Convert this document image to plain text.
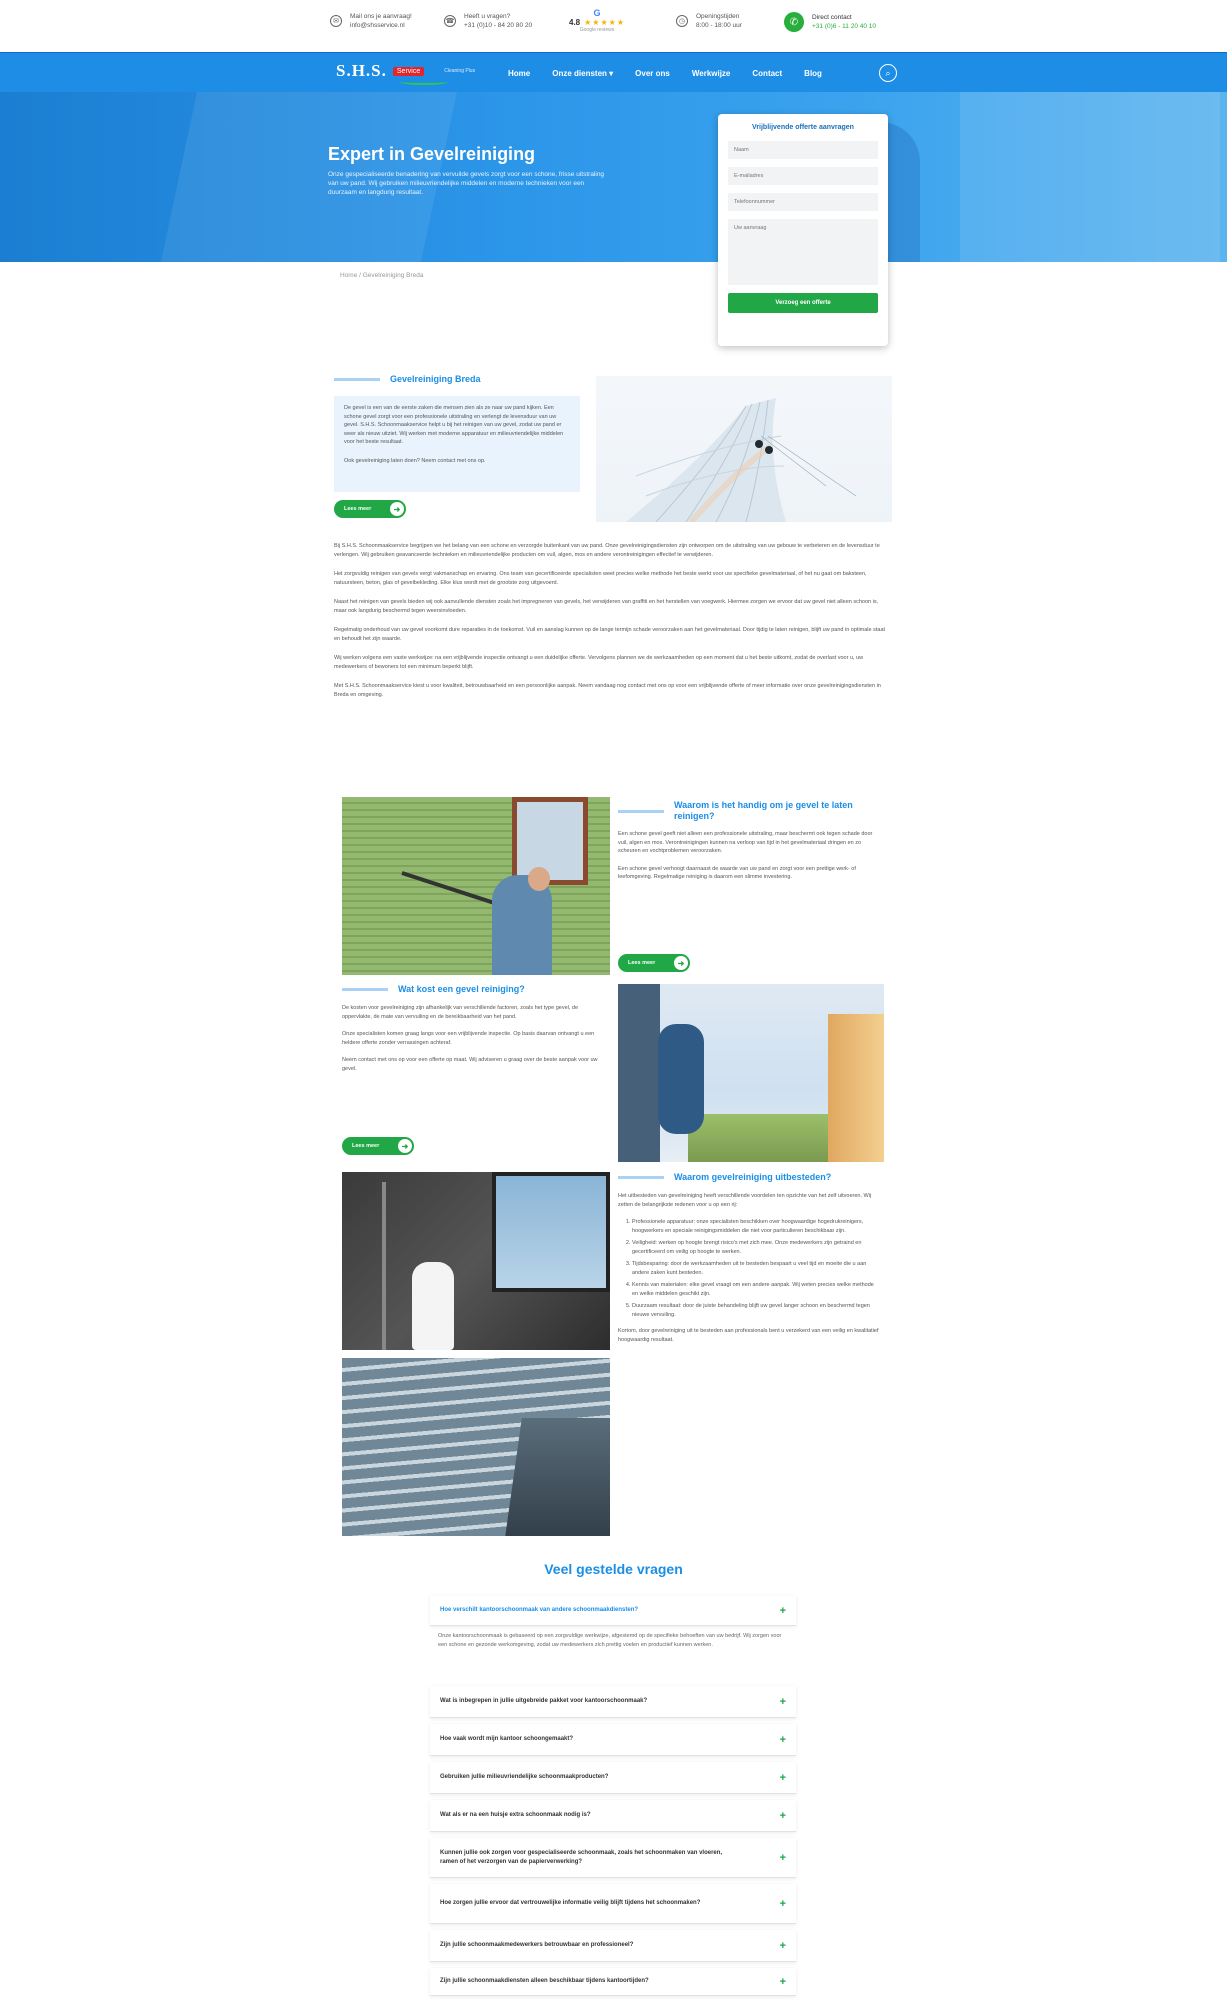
✉
Mail ons je aanvraag!
info@shsservice.nl
☎
Heeft u vragen?
+31 (0)10 - 84 20 80 20
G
4.8 ★★★★★
Google reviews
◷
Openingstijden
8:00 - 18:00 uur	✆	Direct contact
+31 (0)6 - 11 20 40 10
S.H.S.	Service	Cleaning Plus	Home	Onze diensten ▾	Over ons	Werkwijze	Contact	Blog	⌕
Expert in Gevelreiniging

Onze gespecialiseerde benadering van vervuilde gevels zorgt voor een schone, frisse uitstraling van uw pand. Wij gebruiken milieuvriendelijke middelen en moderne technieken voor een duurzaam en langdurig resultaat.

Vrijblijvende offerte aanvragen
Naam
E-mailadres
Telefoonnummer
Uw aanvraag Verzoeg een offerte
Home / Gevelreiniging Breda
Gevelreiniging Breda
De gevel is een van de eerste zaken die mensen zien als ze naar uw pand kijken. Een schone gevel zorgt voor een professionele uitstraling en verlengt de levensduur van uw gevel. S.H.S. Schoonmaakservice helpt u bij het reinigen van uw gevel, zodat uw pand er weer als nieuw uitziet. Wij werken met moderne apparatuur en milieuvriendelijke middelen voor het beste resultaat.
Ook gevelreiniging laten doen? Neem contact met ons op.
Lees meer	➜

Bij S.H.S. Schoonmaakservice begrijpen we het belang van een schone en verzorgde buitenkant van uw pand. Onze gevelreinigingsdiensten zijn ontworpen om de uitstraling van uw gebouw te verbeteren en de levensduur te verlengen. Wij gebruiken geavanceerde technieken en milieuvriendelijke producten om vuil, algen, mos en andere verontreinigingen effectief te verwijderen.

Het zorgvuldig reinigen van gevels vergt vakmanschap en ervaring. Ons team van gecertificeerde specialisten weet precies welke methode het beste werkt voor uw specifieke gevelmateriaal, of het nu gaat om baksteen, natuursteen, beton, glas of gevelbekleding. Elke klus wordt met de grootste zorg uitgevoerd.

Naast het reinigen van gevels bieden wij ook aanvullende diensten zoals het impregneren van gevels, het verwijderen van graffiti en het herstellen van voegwerk. Hiermee zorgen we ervoor dat uw gevel niet alleen schoon is, maar ook langdurig beschermd tegen weersinvloeden.

Regelmatig onderhoud van uw gevel voorkomt dure reparaties in de toekomst. Vuil en aanslag kunnen op de lange termijn schade veroorzaken aan het gevelmateriaal. Door tijdig te laten reinigen, blijft uw pand in optimale staat en behoudt het zijn waarde.

Wij werken volgens een vaste werkwijze: na een vrijblijvende inspectie ontvangt u een duidelijke offerte. Vervolgens plannen we de werkzaamheden op een moment dat u het beste uitkomt, zodat de overlast voor u, uw medewerkers of bewoners tot een minimum beperkt blijft.

Met S.H.S. Schoonmaakservice kiest u voor kwaliteit, betrouwbaarheid en een persoonlijke aanpak. Neem vandaag nog contact met ons op voor een vrijblijvende offerte of meer informatie over onze gevelreinigingsdiensten in Breda en omgeving.

Waarom is het handig om je gevel te laten reinigen?

Een schone gevel geeft niet alleen een professionele uitstraling, maar beschermt ook tegen schade door vuil, algen en mos. Verontreinigingen kunnen na verloop van tijd in het gevelmateriaal dringen en zo scheuren en vochtproblemen veroorzaken.

Een schone gevel verhoogt daarnaast de waarde van uw pand en zorgt voor een prettige werk- of leefomgeving. Regelmatige reiniging is daarom een slimme investering.

Lees meer	➜
Wat kost een gevel reiniging?

De kosten voor gevelreiniging zijn afhankelijk van verschillende factoren, zoals het type gevel, de oppervlakte, de mate van vervuiling en de bereikbaarheid van het pand.

Onze specialisten komen graag langs voor een vrijblijvende inspectie. Op basis daarvan ontvangt u een heldere offerte zonder verrassingen achteraf.

Neem contact met ons op voor een offerte op maat. Wij adviseren u graag over de beste aanpak voor uw gevel.

Lees meer	➜
Waarom gevelreiniging uitbesteden?

Het uitbesteden van gevelreiniging heeft verschillende voordelen ten opzichte van het zelf uitvoeren. Wij zetten de belangrijkste redenen voor u op een rij:

1. Professionele apparatuur: onze specialisten beschikken over hoogwaardige hogedrukreinigers, hoogwerkers en speciale reinigingsmiddelen die niet voor particulieren beschikbaar zijn.
2. Veiligheid: werken op hoogte brengt risico's met zich mee. Onze medewerkers zijn getraind en gecertificeerd om veilig op hoogte te werken.
3. Tijdsbesparing: door de werkzaamheden uit te besteden bespaart u veel tijd en moeite die u aan andere zaken kunt besteden.
4. Kennis van materialen: elke gevel vraagt om een andere aanpak. Wij weten precies welke methode en welke middelen geschikt zijn.
5. Duurzaam resultaat: door de juiste behandeling blijft uw gevel langer schoon en beschermd tegen nieuwe vervuiling.

Kortom, door gevelreiniging uit te besteden aan professionals bent u verzekerd van een veilig en kwalitatief hoogwaardig resultaat.

Veel gestelde vragen
Hoe verschilt kantoorschoonmaak van andere schoonmaakdiensten?	+
Onze kantoorschoonmaak is gebaseerd op een zorgvuldige werkwijze, afgestemd op de specifieke behoeften van uw bedrijf. Wij zorgen voor een schone en gezonde werkomgeving, zodat uw medewerkers zich prettig voelen en productief kunnen werken.
Wat is inbegrepen in jullie uitgebreide pakket voor kantoorschoonmaak?	+
Hoe vaak wordt mijn kantoor schoongemaakt?	+
Gebruiken jullie milieuvriendelijke schoonmaakproducten?	+
Wat als er na een huisje extra schoonmaak nodig is?	+
Kunnen jullie ook zorgen voor gespecialiseerde schoonmaak, zoals het schoonmaken van vloeren, ramen of het verzorgen van de papierverwerking?	+
Hoe zorgen jullie ervoor dat vertrouwelijke informatie veilig blijft tijdens het schoonmaken?	+
Zijn jullie schoonmaakmedewerkers betrouwbaar en professioneel?	+
Zijn jullie schoonmaakdiensten alleen beschikbaar tijdens kantoortijden?	+
